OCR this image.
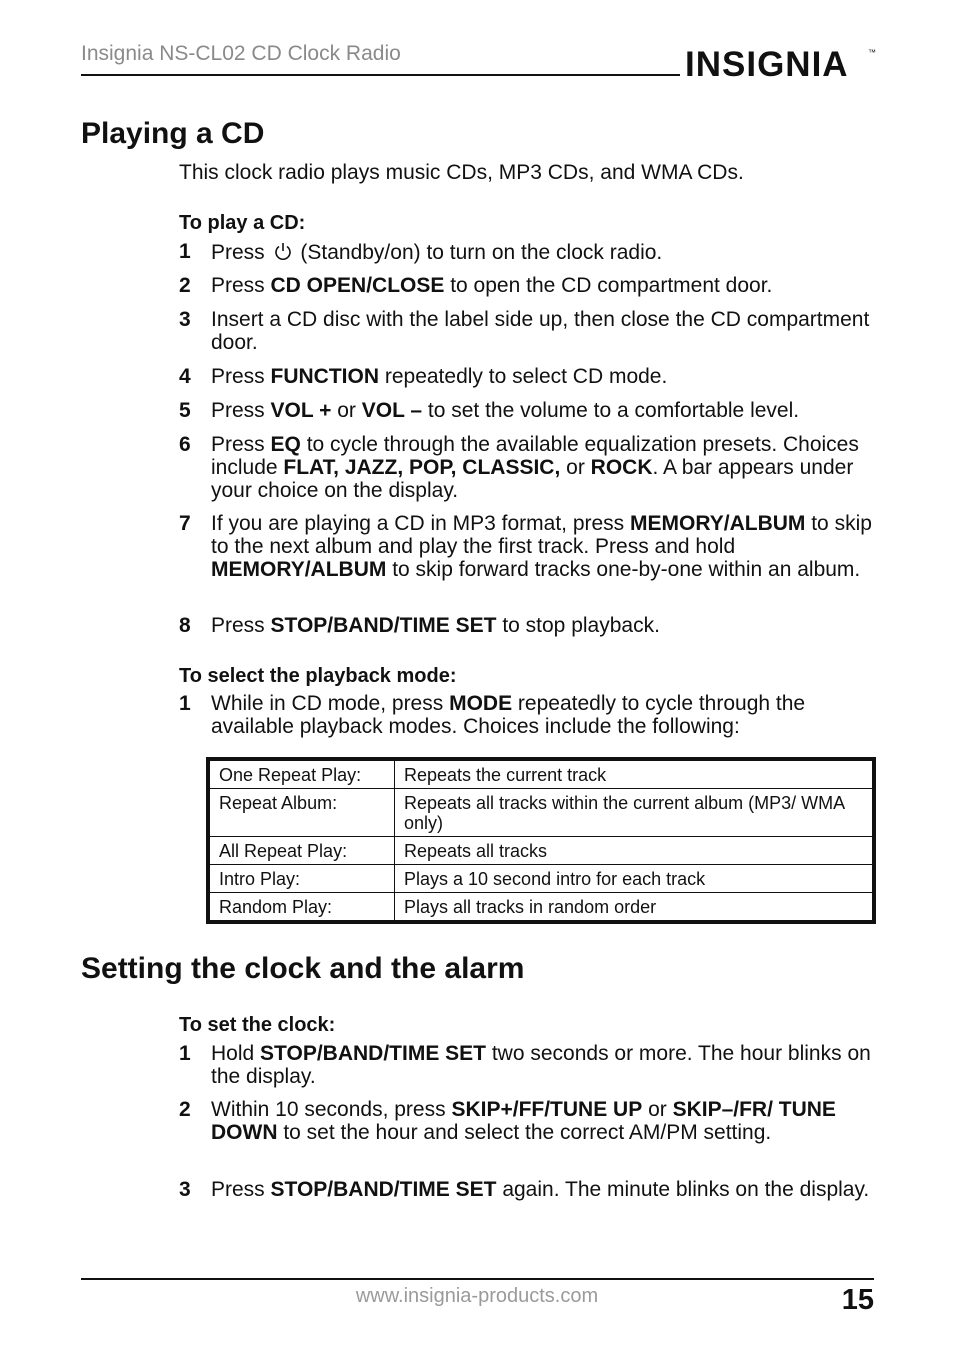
Insignia NS-CL02 CD Clock Radio	INSIGNIA ™
Playing a CD
This clock radio plays music CDs, MP3 CDs, and WMA CDs.
To play a CD:
1 Press (Standby/on) to turn on the clock radio.
2 Press CD OPEN/CLOSE to open the CD compartment door.
3 Insert a CD disc with the label side up, then close the CD compartment door.
4 Press FUNCTION repeatedly to select CD mode.
5 Press VOL + or VOL – to set the volume to a comfortable level.
6 Press EQ to cycle through the available equalization presets. Choices include FLAT, JAZZ, POP, CLASSIC, or ROCK. A bar appears under your choice on the display.
7 If you are playing a CD in MP3 format, press MEMORY/ALBUM to skip to the next album and play the first track. Press and hold MEMORY/ALBUM to skip forward tracks one-by-one within an album.
8 Press STOP/BAND/TIME SET to stop playback.
To select the playback mode:
1 While in CD mode, press MODE repeatedly to cycle through the available playback modes. Choices include the following:
One Repeat Play:	Repeats the current track
Repeat Album:	Repeats all tracks within the current album (MP3/ WMA only)
All Repeat Play:	Repeats all tracks
Intro Play:	Plays a 10 second intro for each track
Random Play:	Plays all tracks in random order
Setting the clock and the alarm
To set the clock:
1 Hold STOP/BAND/TIME SET two seconds or more. The hour blinks on the display.
2 Within 10 seconds, press SKIP+/FF/TUNE UP or SKIP–/FR/ TUNE DOWN to set the hour and select the correct AM/PM setting.
3 Press STOP/BAND/TIME SET again. The minute blinks on the display.
www.insignia-products.com	15
